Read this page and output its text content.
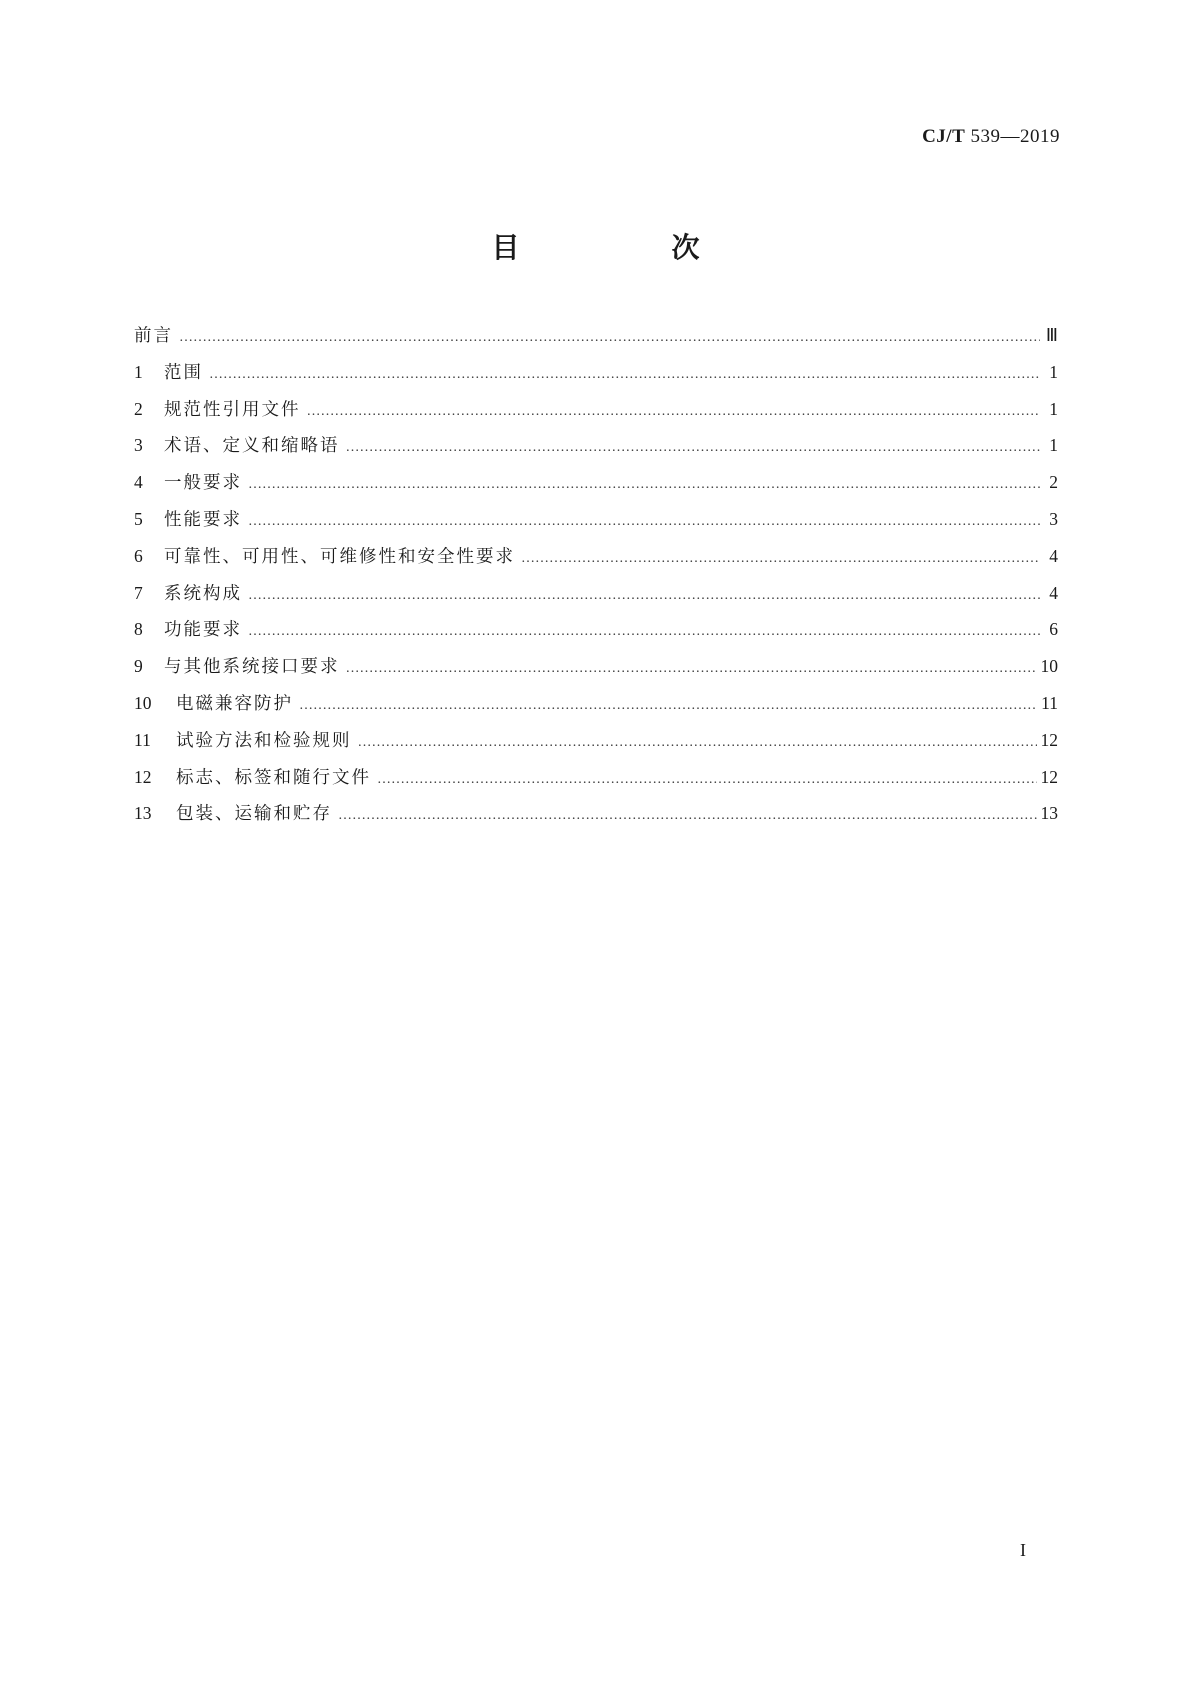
CJ/T 539—2019
目　次
前言 ……………………………………………………………………………………………………………………………………………………………………………………………………………………………………	Ⅲ
1	范围 ……………………………………………………………………………………………………………………………………………………………………………………………………………………………………	1
2	规范性引用文件 ……………………………………………………………………………………………………………………………………………………………………………………………………………………………………	1
3	术语、定义和缩略语 ……………………………………………………………………………………………………………………………………………………………………………………………………………………………………	1
4	一般要求 ……………………………………………………………………………………………………………………………………………………………………………………………………………………………………	2
5	性能要求 ……………………………………………………………………………………………………………………………………………………………………………………………………………………………………	3
6	可靠性、可用性、可维修性和安全性要求 ……………………………………………………………………………………………………………………………………………………………………………………………………………………………………	4
7	系统构成 ……………………………………………………………………………………………………………………………………………………………………………………………………………………………………	4
8	功能要求 ……………………………………………………………………………………………………………………………………………………………………………………………………………………………………	6
9	与其他系统接口要求 ……………………………………………………………………………………………………………………………………………………………………………………………………………………………………	10
10	电磁兼容防护 ……………………………………………………………………………………………………………………………………………………………………………………………………………………………………	11
11	试验方法和检验规则 ……………………………………………………………………………………………………………………………………………………………………………………………………………………………………	12
12	标志、标签和随行文件 ……………………………………………………………………………………………………………………………………………………………………………………………………………………………………	12
13	包装、运输和贮存 ……………………………………………………………………………………………………………………………………………………………………………………………………………………………………	13
I
